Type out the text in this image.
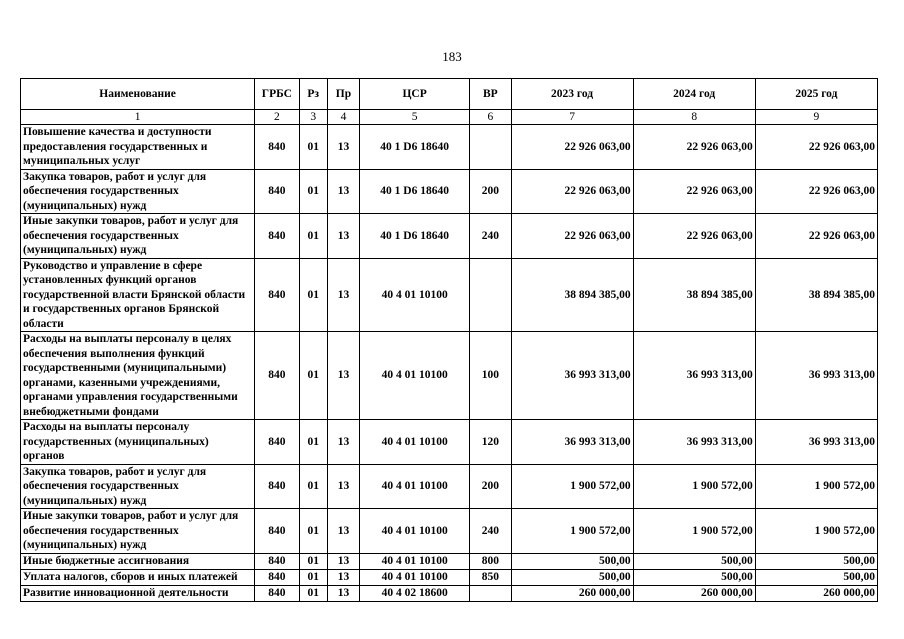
183
Наименование	ГРБС	Рз	Пр	ЦСР	ВР	2023 год	2024 год	2025 год
1	2	3	4	5	6	7	8	9
Повышение качества и доступности предоставления государственных и муниципальных услуг	840	01	13	40 1 D6 18640		22 926 063,00	22 926 063,00	22 926 063,00
Закупка товаров, работ и услуг для обеспечения государственных (муниципальных) нужд	840	01	13	40 1 D6 18640	200	22 926 063,00	22 926 063,00	22 926 063,00
Иные закупки товаров, работ и услуг для обеспечения государственных (муниципальных) нужд	840	01	13	40 1 D6 18640	240	22 926 063,00	22 926 063,00	22 926 063,00
Руководство и управление в сфере установленных функций органов государственной власти Брянской области и государственных органов Брянской области	840	01	13	40 4 01 10100		38 894 385,00	38 894 385,00	38 894 385,00
Расходы на выплаты персоналу в целях обеспечения выполнения функций государственными (муниципальными) органами, казенными учреждениями, органами управления государственными внебюджетными фондами	840	01	13	40 4 01 10100	100	36 993 313,00	36 993 313,00	36 993 313,00
Расходы на выплаты персоналу государственных (муниципальных) органов	840	01	13	40 4 01 10100	120	36 993 313,00	36 993 313,00	36 993 313,00
Закупка товаров, работ и услуг для обеспечения государственных (муниципальных) нужд	840	01	13	40 4 01 10100	200	1 900 572,00	1 900 572,00	1 900 572,00
Иные закупки товаров, работ и услуг для обеспечения государственных (муниципальных) нужд	840	01	13	40 4 01 10100	240	1 900 572,00	1 900 572,00	1 900 572,00
Иные бюджетные ассигнования	840	01	13	40 4 01 10100	800	500,00	500,00	500,00
Уплата налогов, сборов и иных платежей	840	01	13	40 4 01 10100	850	500,00	500,00	500,00
Развитие инновационной деятельности	840	01	13	40 4 02 18600		260 000,00	260 000,00	260 000,00
